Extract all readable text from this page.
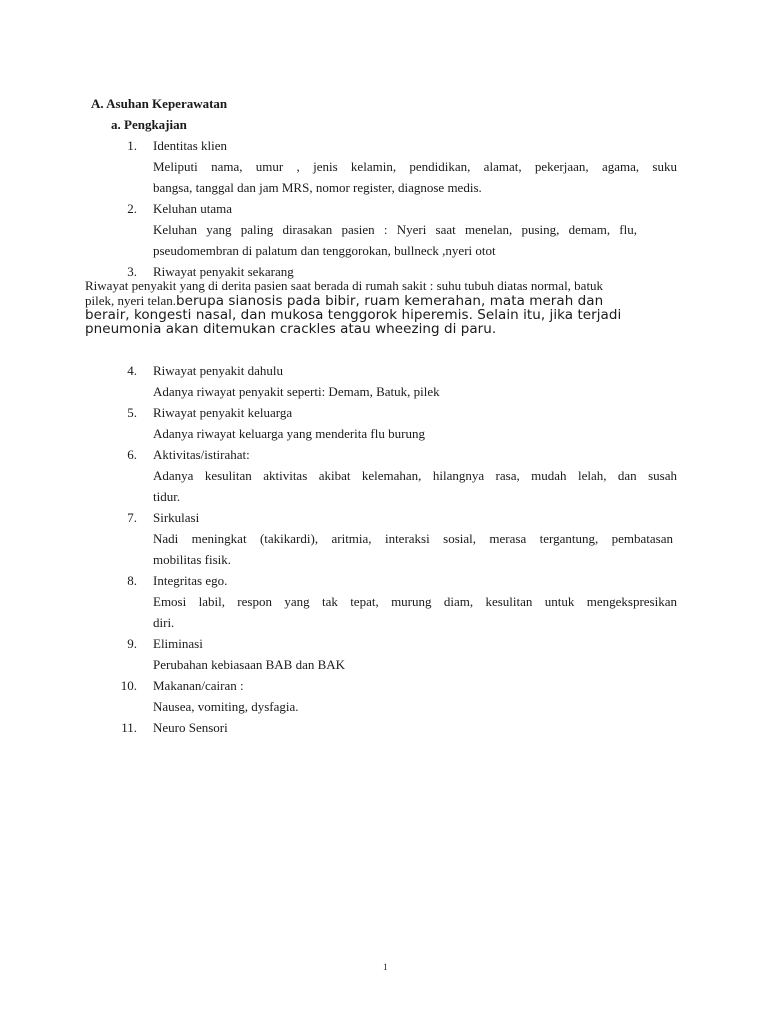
A. Asuhan Keperawatan
a. Pengkajian
1. Identitas klien
Meliputi nama, umur , jenis kelamin, pendidikan, alamat, pekerjaan, agama, suku
bangsa, tanggal dan jam MRS, nomor register, diagnose medis.
2. Keluhan utama
Keluhan yang paling dirasakan pasien : Nyeri saat menelan, pusing, demam, flu,
pseudomembran di palatum dan tenggorokan, bullneck ,nyeri otot
3. Riwayat penyakit sekarang
Riwayat penyakit yang di derita pasien saat berada di rumah sakit : suhu tubuh diatas normal, batuk
pilek, nyeri telan.berupa sianosis pada bibir, ruam kemerahan, mata merah dan
berair, kongesti nasal, dan mukosa tenggorok hiperemis. Selain itu, jika terjadi
pneumonia akan ditemukan crackles atau wheezing di paru.
4. Riwayat penyakit dahulu
Adanya riwayat penyakit seperti: Demam, Batuk, pilek
5. Riwayat penyakit keluarga
Adanya riwayat keluarga yang menderita flu burung
6. Aktivitas/istirahat:
Adanya kesulitan aktivitas akibat kelemahan, hilangnya rasa, mudah lelah, dan susah
tidur.
7. Sirkulasi
Nadi meningkat (takikardi), aritmia, interaksi sosial, merasa tergantung, pembatasan
mobilitas fisik.
8. Integritas ego.
Emosi labil, respon yang tak tepat, murung diam, kesulitan untuk mengekspresikan
diri.
9. Eliminasi
Perubahan kebiasaan BAB dan BAK
10. Makanan/cairan :
Nausea, vomiting, dysfagia.
11. Neuro Sensori
1
